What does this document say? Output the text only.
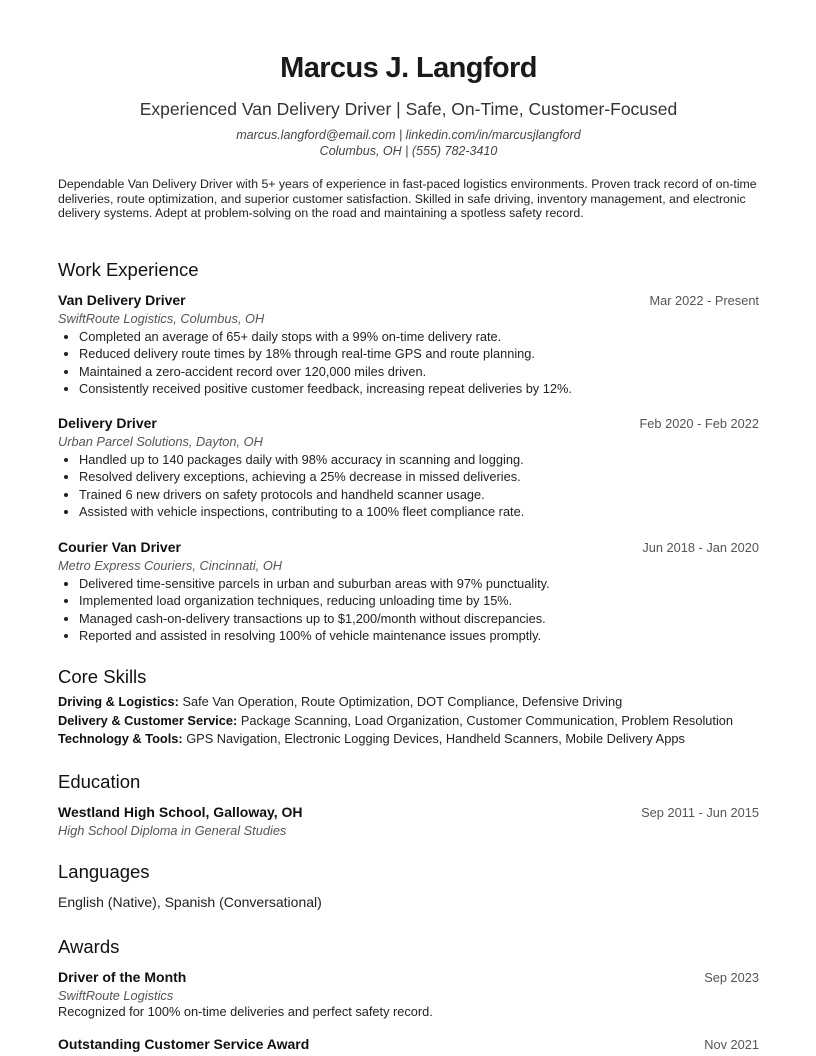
Marcus J. Langford
Experienced Van Delivery Driver | Safe, On-Time, Customer-Focused
marcus.langford@email.com | linkedin.com/in/marcusjlangford
Columbus, OH | (555) 782-3410

Dependable Van Delivery Driver with 5+ years of experience in fast-paced logistics environments. Proven track record of on-time deliveries, route optimization, and superior customer satisfaction. Skilled in safe driving, inventory management, and electronic delivery systems. Adept at problem-solving on the road and maintaining a spotless safety record.

Work Experience
Van Delivery Driver	Mar 2022 - Present
SwiftRoute Logistics, Columbus, OH
• Completed an average of 65+ daily stops with a 99% on-time delivery rate.
• Reduced delivery route times by 18% through real-time GPS and route planning.
• Maintained a zero-accident record over 120,000 miles driven.
• Consistently received positive customer feedback, increasing repeat deliveries by 12%.
Delivery Driver	Feb 2020 - Feb 2022
Urban Parcel Solutions, Dayton, OH
• Handled up to 140 packages daily with 98% accuracy in scanning and logging.
• Resolved delivery exceptions, achieving a 25% decrease in missed deliveries.
• Trained 6 new drivers on safety protocols and handheld scanner usage.
• Assisted with vehicle inspections, contributing to a 100% fleet compliance rate.
Courier Van Driver	Jun 2018 - Jan 2020
Metro Express Couriers, Cincinnati, OH
• Delivered time-sensitive parcels in urban and suburban areas with 97% punctuality.
• Implemented load organization techniques, reducing unloading time by 15%.
• Managed cash-on-delivery transactions up to $1,200/month without discrepancies.
• Reported and assisted in resolving 100% of vehicle maintenance issues promptly.
Core Skills
Driving & Logistics: Safe Van Operation, Route Optimization, DOT Compliance, Defensive Driving
Delivery & Customer Service: Package Scanning, Load Organization, Customer Communication, Problem Resolution
Technology & Tools: GPS Navigation, Electronic Logging Devices, Handheld Scanners, Mobile Delivery Apps
Education
Westland High School, Galloway, OH	Sep 2011 - Jun 2015
High School Diploma in General Studies
Languages
English (Native), Spanish (Conversational)
Awards
Driver of the Month	Sep 2023
SwiftRoute Logistics
Recognized for 100% on-time deliveries and perfect safety record.
Outstanding Customer Service Award	Nov 2021
